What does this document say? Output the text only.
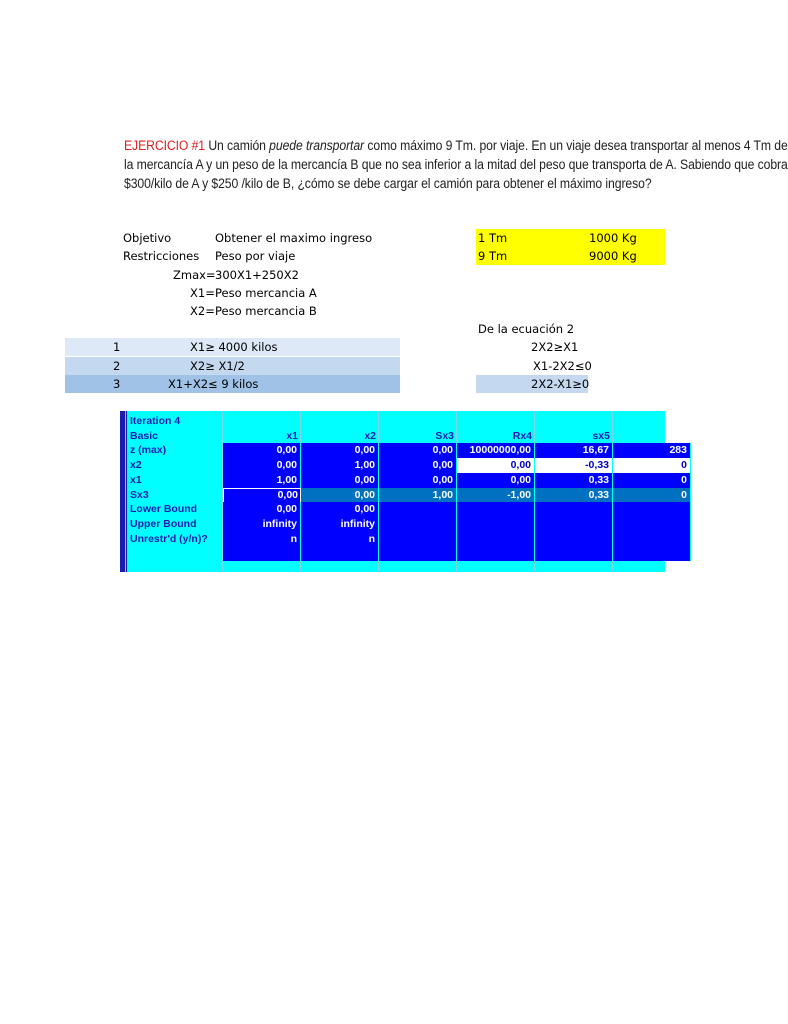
EJERCICIO #1 Un camión puede transportar como máximo 9 Tm. por viaje. En un viaje desea transportar al menos 4 Tm de
la mercancía A y un peso de la mercancía B que no sea inferior a la mitad del peso que transporta de A. Sabiendo que cobra
$300/kilo de A y $250 /kilo de B, ¿cómo se debe cargar el camión para obtener el máximo ingreso?
Objetivo	Obtener el maximo ingreso
Restricciones Peso por viaje
Zmax= 300X1+250X2
X1= Peso mercancia A
X2= Peso mercancia B
1 Tm	1000 Kg
9 Tm	9000 Kg
De la ecuación 2
2X2≥X1
X1-2X2≤0
2X2-X1≥0
1	X1≥ 4000 kilos
2	X2≥ X1/2
3	X1+X2≤ 9 kilos
Iteration 4
Basic	x1	x2	Sx3	Rx4	sx5
z (max)	0,00	0,00	0,00	10000000,00	16,67	283
x2	0,00	1,00	0,00	0,00	-0,33	0
x1	1,00	0,00	0,00	0,00	0,33	0
Sx3	0,00	0,00	1,00	-1,00	0,33	0
Lower Bound	0,00	0,00
Upper Bound	infinity	infinity
Unrestr'd (y/n)?	n	n
